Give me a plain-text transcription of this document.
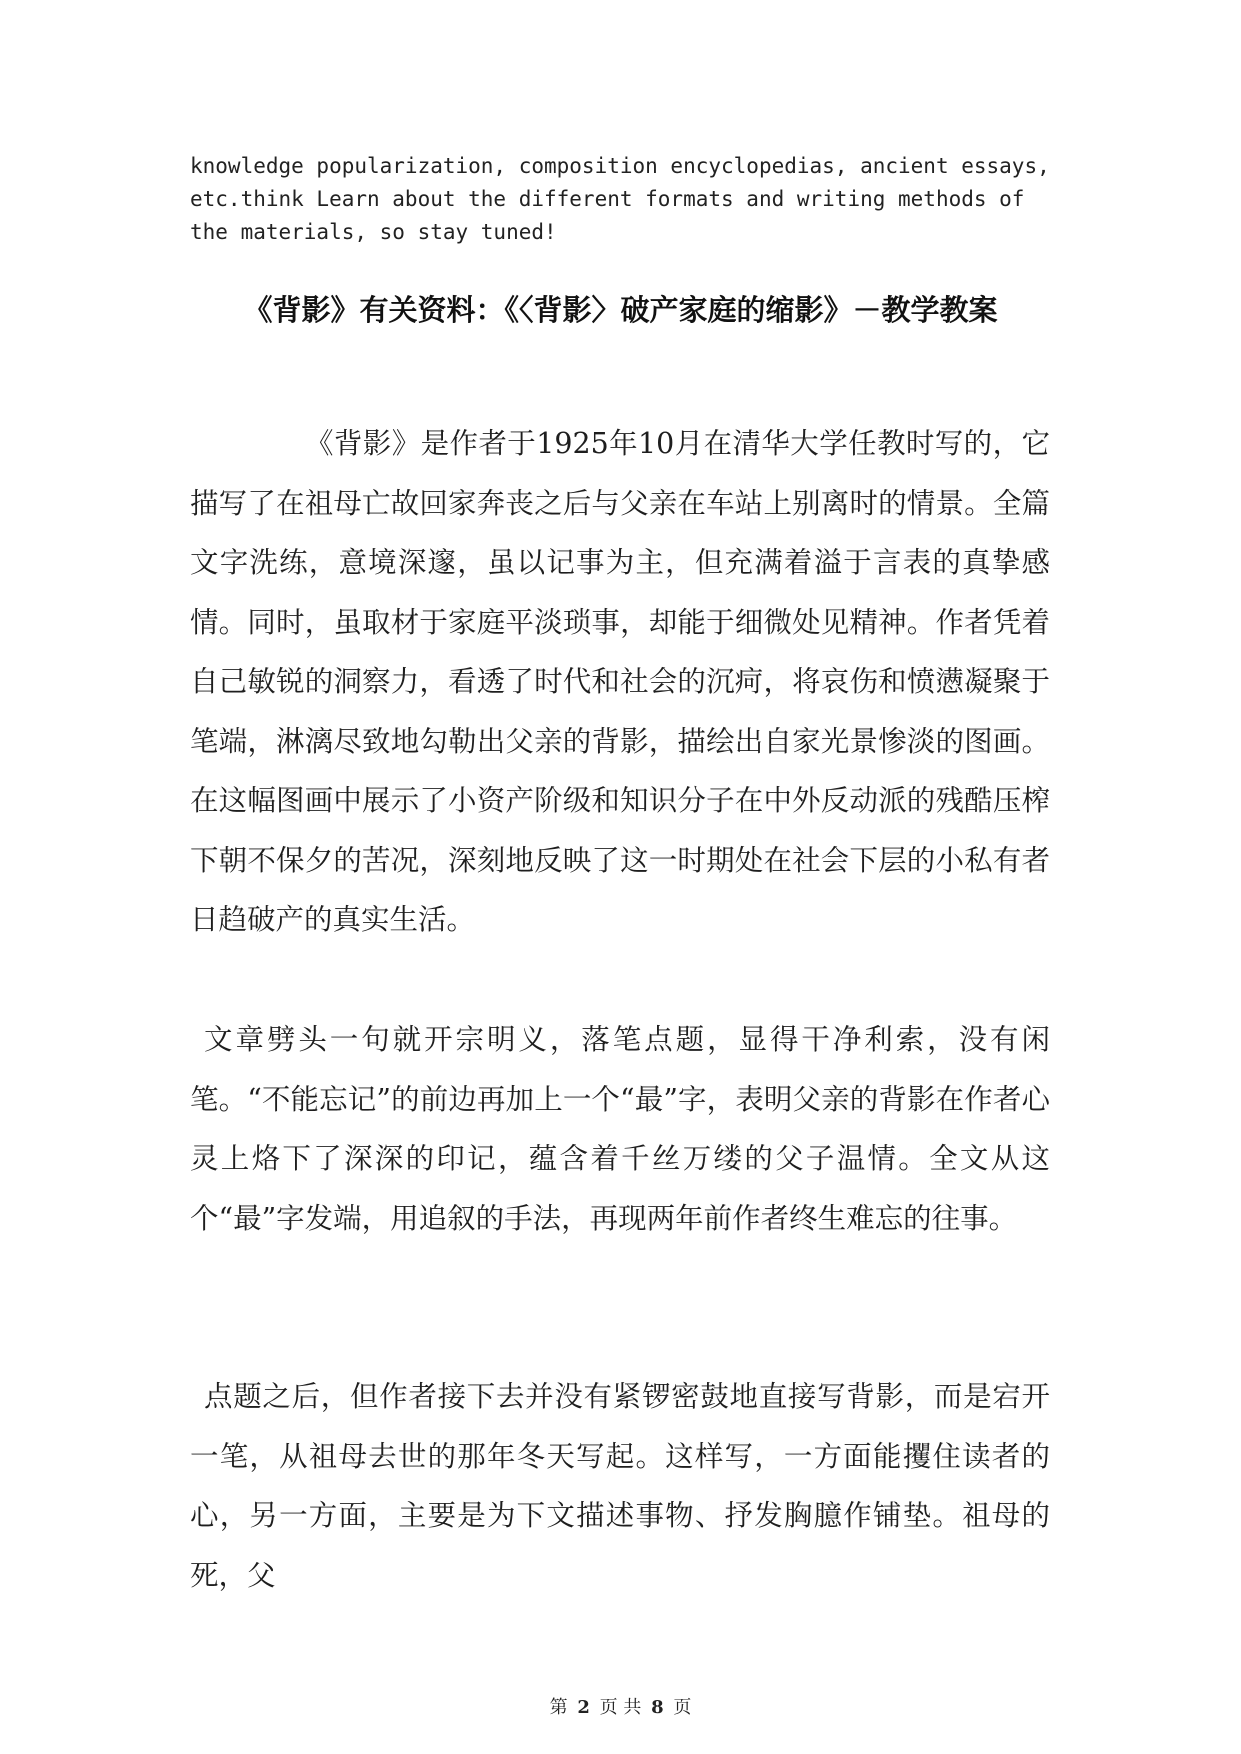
knowledge popularization, composition encyclopedias, ancient essays, etc.think Learn about the different formats and writing methods of the materials, so stay tuned!

《背影》有关资料：《〈背影〉破产家庭的缩影》－教学教案

《背影》是作者于1925年10月在清华大学任教时写的，它描写了在祖母亡故回家奔丧之后与父亲在车站上别离时的情景。全篇文字洗练，意境深邃，虽以记事为主，但充满着溢于言表的真挚感情。同时，虽取材于家庭平淡琐事，却能于细微处见精神。作者凭着自己敏锐的洞察力，看透了时代和社会的沉疴，将哀伤和愤懑凝聚于笔端，淋漓尽致地勾勒出父亲的背影，描绘出自家光景惨淡的图画。在这幅图画中展示了小资产阶级和知识分子在中外反动派的残酷压榨下朝不保夕的苦况，深刻地反映了这一时期处在社会下层的小私有者日趋破产的真实生活。

文章劈头一句就开宗明义，落笔点题，显得干净利索，没有闲笔。“不能忘记”的前边再加上一个“最”字，表明父亲的背影在作者心灵上烙下了深深的印记，蕴含着千丝万缕的父子温情。全文从这个“最”字发端，用追叙的手法，再现两年前作者终生难忘的往事。

点题之后，但作者接下去并没有紧锣密鼓地直接写背影，而是宕开一笔，从祖母去世的那年冬天写起。这样写，一方面能攫住读者的心，另一方面，主要是为下文描述事物、抒发胸臆作铺垫。祖母的死，父

第 2 页 共 8 页
